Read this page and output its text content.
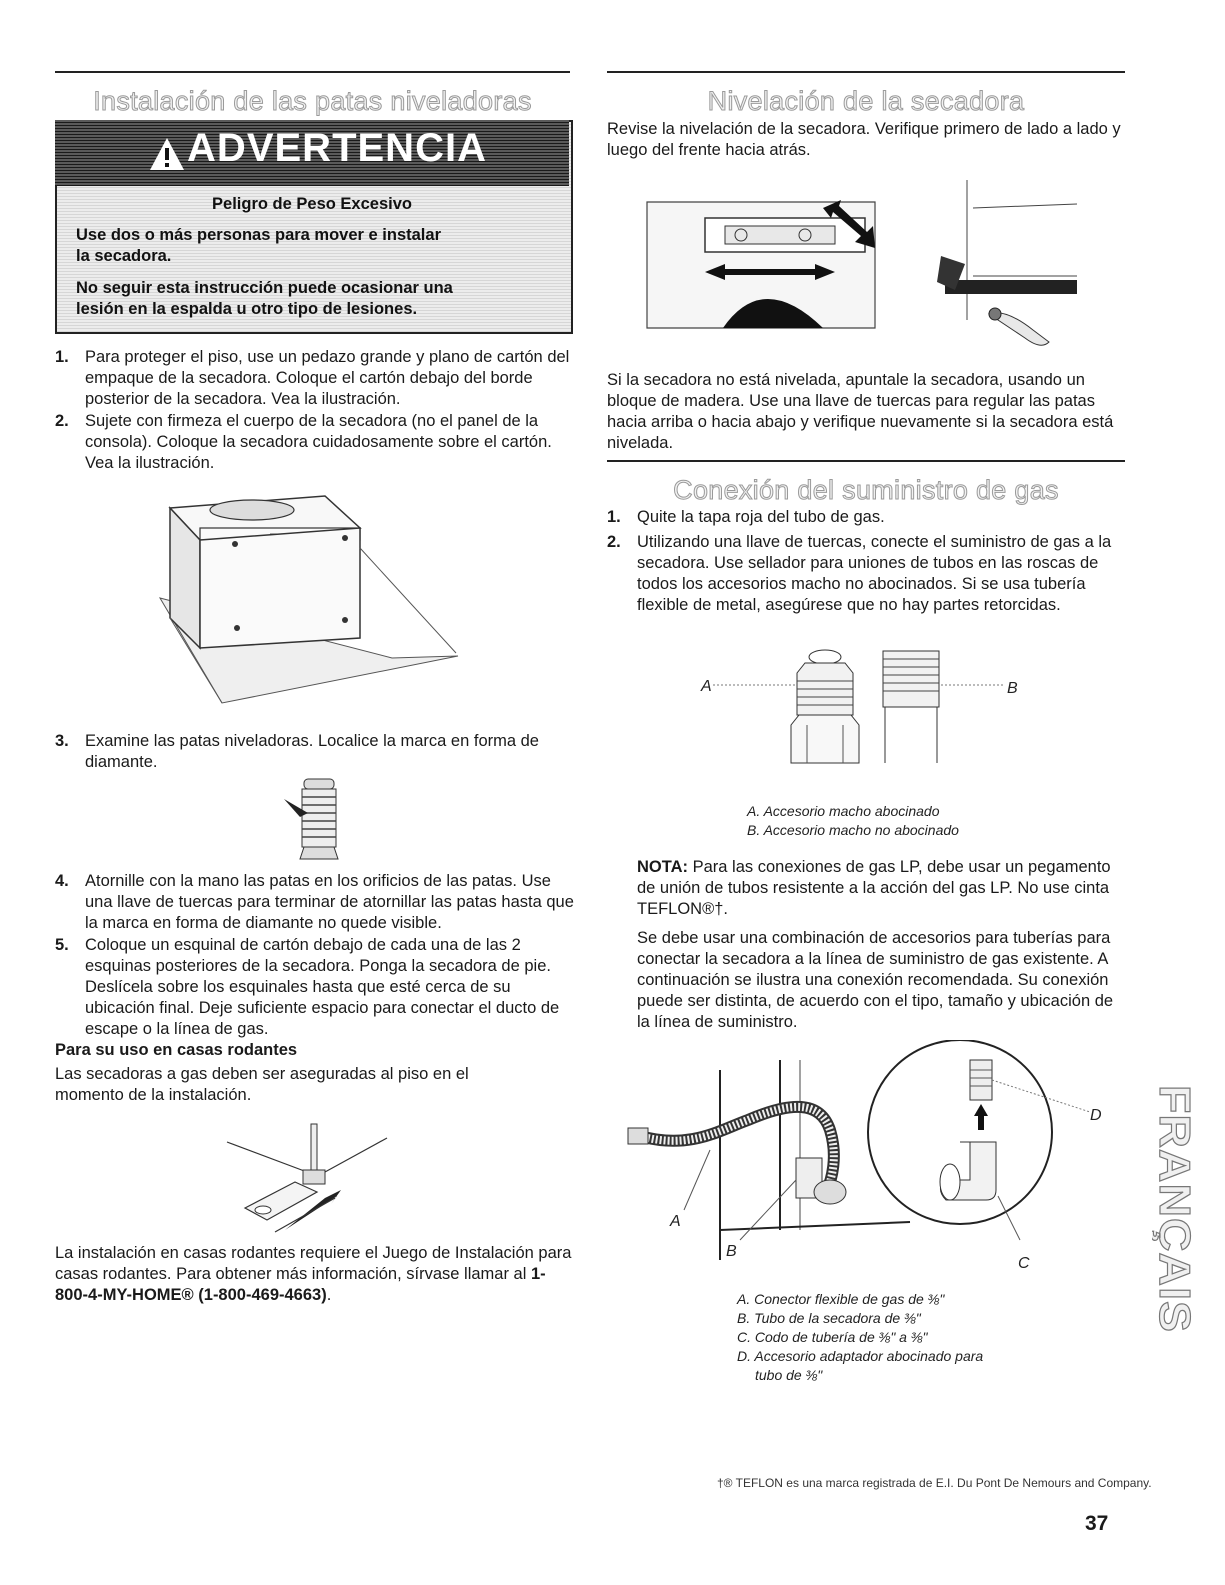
Instalación de las patas niveladoras
ADVERTENCIA
Peligro de Peso Excesivo
Use dos o más personas para mover e instalar
la secadora.
No seguir esta instrucción puede ocasionar una
lesión en la espalda u otro tipo de lesiones.
1. Para proteger el piso, use un pedazo grande y plano de cartón del empaque de la secadora. Coloque el cartón debajo del borde posterior de la secadora. Vea la ilustración.
2. Sujete con firmeza el cuerpo de la secadora (no el panel de la consola). Coloque la secadora cuidadosamente sobre el cartón. Vea la ilustración.
3. Examine las patas niveladoras. Localice la marca en forma de diamante.
4. Atornille con la mano las patas en los orificios de las patas. Use una llave de tuercas para terminar de atornillar las patas hasta que la marca en forma de diamante no quede visible.
5. Coloque un esquinal de cartón debajo de cada una de las 2 esquinas posteriores de la secadora. Ponga la secadora de pie. Deslícela sobre los esquinales hasta que esté cerca de su ubicación final. Deje suficiente espacio para conectar el ducto de escape o la línea de gas.
Para su uso en casas rodantes
Las secadoras a gas deben ser aseguradas al piso en el momento de la instalación.
La instalación en casas rodantes requiere el Juego de Instalación para casas rodantes. Para obtener más información, sírvase llamar al 1-800-4-MY-HOME® (1-800-469-4663).
Nivelación de la secadora
Revise la nivelación de la secadora. Verifique primero de lado a lado y luego del frente hacia atrás.
Si la secadora no está nivelada, apuntale la secadora, usando un bloque de madera. Use una llave de tuercas para regular las patas hacia arriba o hacia abajo y verifique nuevamente si la secadora está nivelada.
Conexión del suministro de gas
1. Quite la tapa roja del tubo de gas.
2. Utilizando una llave de tuercas, conecte el suministro de gas a la secadora. Use sellador para uniones de tubos en las roscas de todos los accesorios macho no abocinados. Si se usa tubería flexible de metal, asegúrese que no hay partes retorcidas.
A	B
A. Accesorio macho abocinado
B. Accesorio macho no abocinado
NOTA: Para las conexiones de gas LP, debe usar un pegamento de unión de tubos resistente a la acción del gas LP. No use cinta TEFLON®†.
Se debe usar una combinación de accesorios para tuberías para conectar la secadora a la línea de suministro de gas existente. A continuación se ilustra una conexión recomendada. Su conexión puede ser distinta, de acuerdo con el tipo, tamaño y ubicación de la línea de suministro.
D
A
B
C
A. Conector flexible de gas de ⅜"
B. Tubo de la secadora de ⅜"
C. Codo de tubería de ⅜" a ⅜"
D. Accesorio adaptador abocinado para
tubo de ⅜"
†® TEFLON es una marca registrada de E.I. Du Pont De Nemours and Company.
37
FRANÇAIS
